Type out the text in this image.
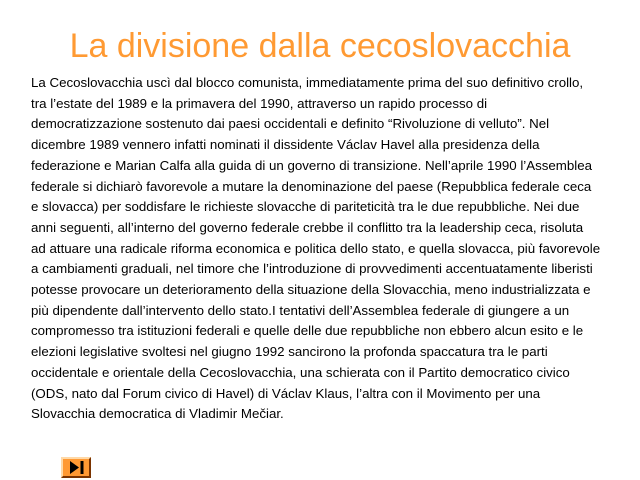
La divisione dalla cecoslovacchia

La Cecoslovacchia uscì dal blocco comunista, immediatamente prima del suo definitivo crollo, tra l’estate del 1989 e la primavera del 1990, attraverso un rapido processo di democratizzazione sostenuto dai paesi occidentali e definito “Rivoluzione di velluto”. Nel dicembre 1989 vennero infatti nominati il dissidente Václav Havel alla presidenza della federazione e Marian Calfa alla guida di un governo di transizione. Nell’aprile 1990 l’Assemblea federale si dichiarò favorevole a mutare la denominazione del paese (Repubblica federale ceca e slovacca) per soddisfare le richieste slovacche di pariteticità tra le due repubbliche. Nei due anni seguenti, all’interno del governo federale crebbe il conflitto tra la leadership ceca, risoluta ad attuare una radicale riforma economica e politica dello stato, e quella slovacca, più favorevole a cambiamenti graduali, nel timore che l’introduzione di provvedimenti accentuatamente liberisti potesse provocare un deterioramento della situazione della Slovacchia, meno industrializzata e più dipendente dall’intervento dello stato.I tentativi dell’Assemblea federale di giungere a un compromesso tra istituzioni federali e quelle delle due repubbliche non ebbero alcun esito e le elezioni legislative svoltesi nel giugno 1992 sancirono la profonda spaccatura tra le parti occidentale e orientale della Cecoslovacchia, una schierata con il Partito democratico civico (ODS, nato dal Forum civico di Havel) di Václav Klaus, l’altra con il Movimento per una Slovacchia democratica di Vladimir Mečiar.
